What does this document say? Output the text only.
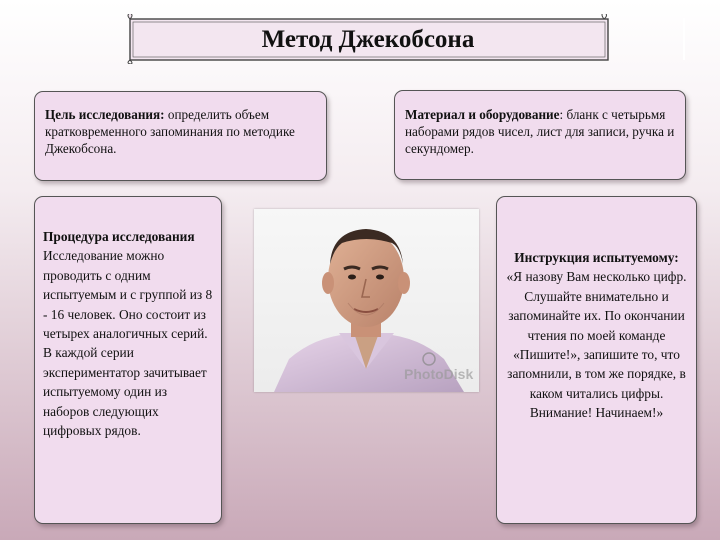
Метод Джекобсона
Цель исследования: определить объем кратковременного запоминания по методике Джекобсона.
Материал и оборудование: бланк с четырьмя наборами рядов чисел, лист для записи, ручка и секундомер.
Процедура исследования
Исследование можно проводить с одним испытуемым и с группой из 8 - 16 человек. Оно состоит из четырех аналогичных серий. В каждой серии экспериментатор зачитывает испытуемому один из наборов следующих цифровых рядов.
PhotoDisk
Инструкция испытуемому: «Я назову Вам несколько цифр. Слушайте внимательно и запоминайте их. По окончании чтения по моей команде «Пишите!», запишите то, что запомнили, в том же порядке, в каком читались цифры. Внимание! Начинаем!»
